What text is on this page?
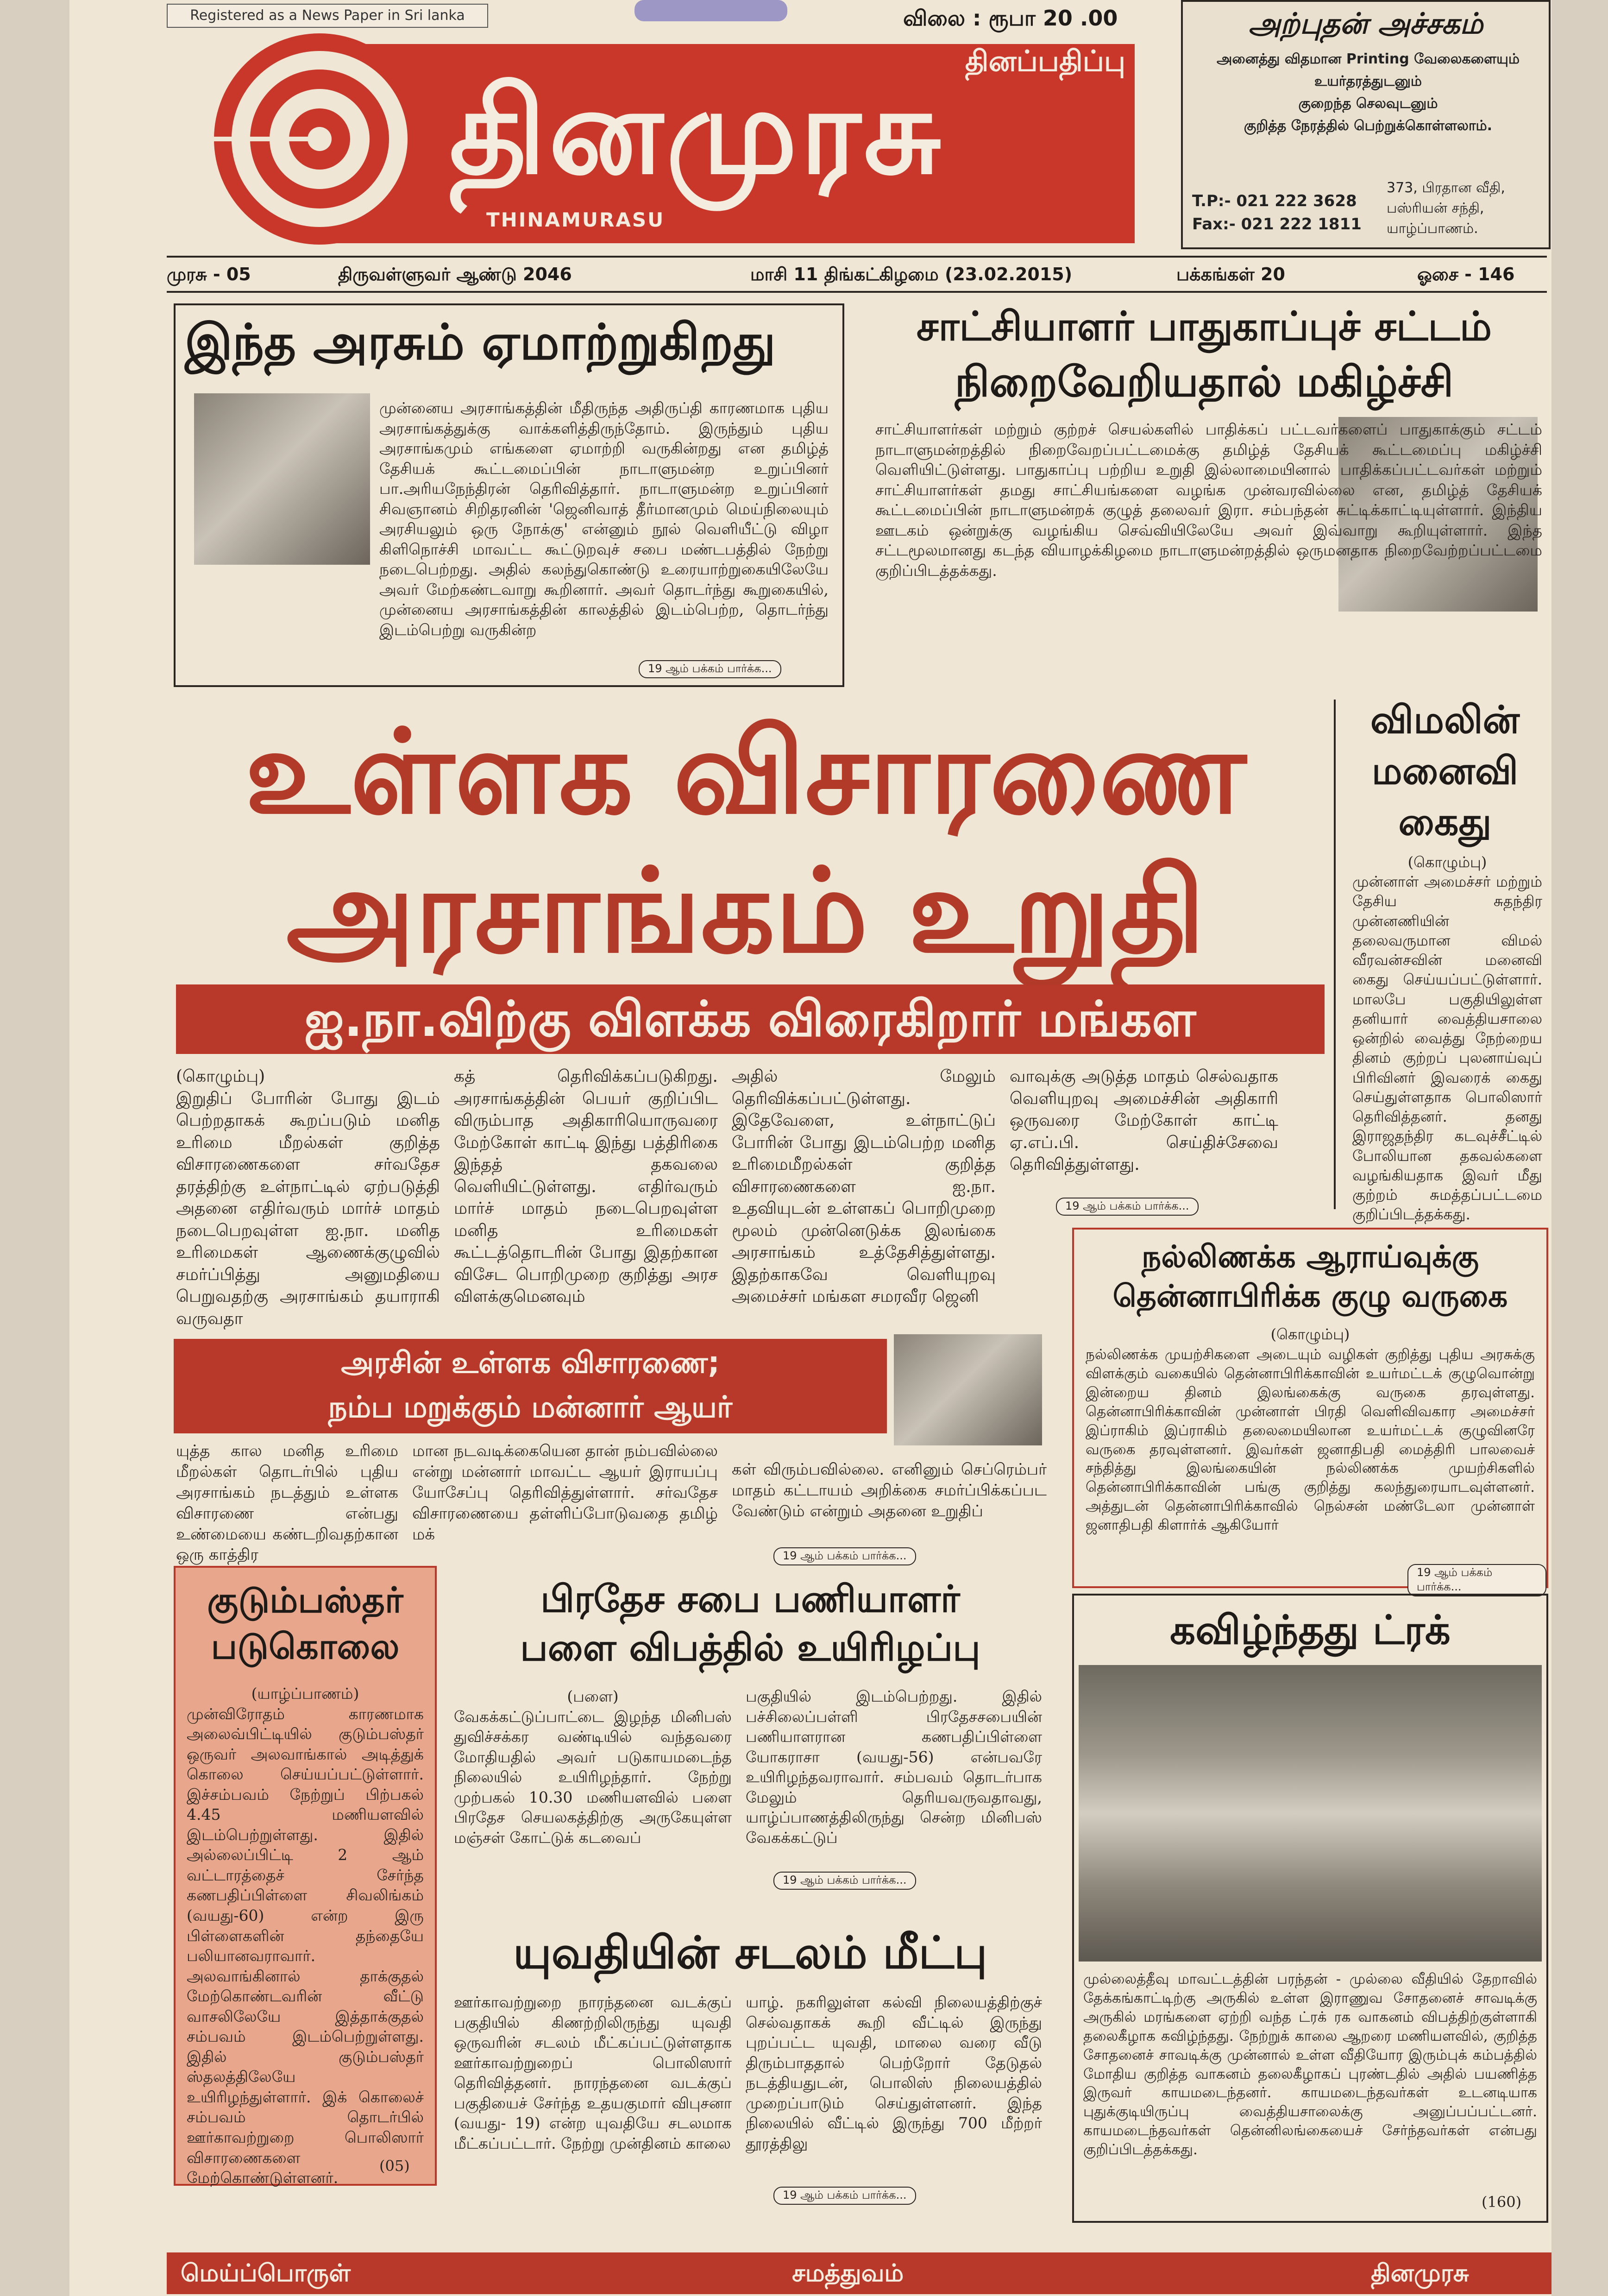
Registered as a News Paper in Sri lanka
தினப்பதிப்பு
தினமுரசு
THINAMURASU
விலை : ரூபா 20 .00	அற்புதன் அச்சகம்
அனைத்து விதமான Printing வேலைகளையும்
உயர்தரத்துடனும்
குறைந்த செலவுடனும்
குறித்த நேரத்தில் பெற்றுக்கொள்ளலாம்.
T.P:- 021 222 3628
Fax:- 021 222 1811
373, பிரதான வீதி,
பஸ்ரியன் சந்தி,
யாழ்ப்பாணம்.
முரசு - 05	திருவள்ளுவர் ஆண்டு 2046	மாசி 11 திங்கட்கிழமை (23.02.2015)	பக்கங்கள் 20	ஓசை - 146
இந்த அரசும் ஏமாற்றுகிறது
முன்னைய அரசாங்கத்தின் மீதிருந்த அதிருப்தி காரணமாக புதிய அரசாங்கத்துக்கு வாக்களித்திருந்தோம். இருந்தும் புதிய அரசாங்கமும் எங்களை ஏமாற்றி வருகின்றது என தமிழ்த் தேசியக் கூட்டமைப்பின் நாடாளுமன்ற உறுப்பினர் பா.அரியநேந்திரன் தெரிவித்தார். நாடாளுமன்ற உறுப்பினர் சிவஞானம் சிறிதரனின் 'ஜெனிவாத் தீர்மானமும் மெய்நிலையும் அரசியலும் ஒரு நோக்கு' என்னும் நூல் வெளியீட்டு விழா கிளிநொச்சி மாவட்ட கூட்டுறவுச் சபை மண்டபத்தில் நேற்று நடைபெற்றது. அதில் கலந்துகொண்டு உரையாற்றுகையிலேயே அவர் மேற்கண்டவாறு கூறினார். அவர் தொடர்ந்து கூறுகையில், முன்னைய அரசாங்கத்தின் காலத்தில் இடம்பெற்ற, தொடர்ந்து இடம்பெற்று வருகின்ற
19 ஆம் பக்கம் பார்க்க...
சாட்சியாளர் பாதுகாப்புச் சட்டம்
நிறைவேறியதால் மகிழ்ச்சி
சாட்சியாளர்கள் மற்றும் குற்றச் செயல்களில் பாதிக்கப் பட்டவர்களைப் பாதுகாக்கும் சட்டம் நாடாளுமன்றத்தில் நிறைவேறப்பட்டமைக்கு தமிழ்த் தேசியக் கூட்டமைப்பு மகிழ்ச்சி வெளியிட்டுள்ளது. பாதுகாப்பு பற்றிய உறுதி இல்லாமையினால் பாதிக்கப்பட்டவர்கள் மற்றும் சாட்சியாளர்கள் தமது சாட்சியங்களை வழங்க முன்வரவில்லை என, தமிழ்த் தேசியக் கூட்டமைப்பின் நாடாளுமன்றக் குழுத் தலைவர் இரா. சம்பந்தன் சுட்டிக்காட்டியுள்ளார். இந்திய ஊடகம் ஒன்றுக்கு வழங்கிய செவ்வியிலேயே அவர் இவ்வாறு கூறியுள்ளார். இந்த சட்டமூலமானது கடந்த வியாழக்கிழமை நாடாளுமன்றத்தில் ஒருமனதாக நிறைவேற்றப்பட்டமை குறிப்பிடத்தக்கது.
உள்ளக விசாரணை
அரசாங்கம் உறுதி
ஐ.நா.விற்கு விளக்க விரைகிறார் மங்கள
(கொழும்பு)
இறுதிப் போரின் போது இடம் பெற்றதாகக் கூறப்படும் மனித உரிமை மீறல்கள் குறித்த விசாரணைகளை சர்வதேச தரத்திற்கு உள்நாட்டில் ஏற்படுத்தி அதனை எதிர்வரும் மார்ச் மாதம் நடைபெறவுள்ள ஐ.நா. மனித உரிமைகள் ஆணைக்குழுவில் சமர்ப்பித்து அனுமதியை பெறுவதற்கு அரசாங்கம் தயாராகி வருவதா
கத் தெரிவிக்கப்படுகிறது. அரசாங்கத்தின் பெயர் குறிப்பிட விரும்பாத அதிகாரியொருவரை மேற்கோள் காட்டி இந்து பத்திரிகை இந்தத் தகவலை வெளியிட்டுள்ளது. எதிர்வரும் மார்ச் மாதம் நடைபெறவுள்ள மனித உரிமைகள் கூட்டத்தொடரின் போது இதற்கான விசேட பொறிமுறை குறித்து அரச விளக்குமெனவும்
அதில் மேலும் தெரிவிக்கப்பட்டுள்ளது. இதேவேளை, உள்நாட்டுப் போரின் போது இடம்பெற்ற மனித உரிமைமீறல்கள் குறித்த விசாரணைகளை ஐ.நா. உதவியுடன் உள்ளகப் பொறிமுறை மூலம் முன்னெடுக்க இலங்கை அரசாங்கம் உத்தேசித்துள்ளது. இதற்காகவே வெளியுறவு அமைச்சர் மங்கள சமரவீர ஜெனி
வாவுக்கு அடுத்த மாதம் செல்வதாக வெளியுறவு அமைச்சின் அதிகாரி ஒருவரை மேற்கோள் காட்டி ஏ.எப்.பி. செய்திச்சேவை தெரிவித்துள்ளது.
19 ஆம் பக்கம் பார்க்க...
விமலின்
மனைவி
கைது
(கொழும்பு)
முன்னாள் அமைச்சர் மற்றும் தேசிய சுதந்திர முன்னணியின் தலைவருமான விமல் வீரவன்சவின் மனைவி கைது செய்யப்பட்டுள்ளார். மாலபே பகுதியிலுள்ள தனியார் வைத்தியசாலை ஒன்றில் வைத்து நேற்றைய தினம் குற்றப் புலனாய்வுப் பிரிவினர் இவரைக் கைது செய்துள்ளதாக பொலிஸார் தெரிவித்தனர். தனது இராஜதந்திர கடவுச்சீட்டில் போலியான தகவல்களை வழங்கியதாக இவர் மீது குற்றம் சுமத்தப்பட்டமை குறிப்பிடத்தக்கது.
அரசின் உள்ளக விசாரணை;
நம்ப மறுக்கும் மன்னார் ஆயர்
யுத்த கால மனித உரிமை மீறல்கள் தொடர்பில் புதிய அரசாங்கம் நடத்தும் உள்ளக விசாரணை என்பது உண்மையை கண்டறிவதற்கான ஒரு காத்திர
மான நடவடிக்கையென தான் நம்பவில்லை என்று மன்னார் மாவட்ட ஆயர் இராயப்பு யோசேப்பு தெரிவித்துள்ளார். சர்வதேச விசாரணையை தள்ளிப்போடுவதை தமிழ் மக்
கள் விரும்பவில்லை. எனினும் செப்ரெம்பர் மாதம் கட்டாயம் அறிக்கை சமர்ப்பிக்கப்பட வேண்டும் என்றும் அதனை உறுதிப்
19 ஆம் பக்கம் பார்க்க...
நல்லிணக்க ஆராய்வுக்கு
தென்னாபிரிக்க குழு வருகை
(கொழும்பு)
நல்லிணக்க முயற்சிகளை அடையும் வழிகள் குறித்து புதிய அரசுக்கு விளக்கும் வகையில் தென்னாபிரிக்காவின் உயர்மட்டக் குழுவொன்று இன்றைய தினம் இலங்கைக்கு வருகை தரவுள்ளது. தென்னாபிரிக்காவின் முன்னாள் பிரதி வெளிவிவகார அமைச்சர் இப்ராகிம் இப்ராகிம் தலைமையிலான உயர்மட்டக் குழுவினரே வருகை தரவுள்ளனர். இவர்கள் ஜனாதிபதி மைத்திரி பாலவைச் சந்தித்து இலங்கையின் நல்லிணக்க முயற்சிகளில் தென்னாபிரிக்காவின் பங்கு குறித்து கலந்துரையாடவுள்ளனர். அத்துடன் தென்னாபிரிக்காவில் நெல்சன் மண்டேலா முன்னாள் ஜனாதிபதி கிளார்க் ஆகியோர்
19 ஆம் பக்கம் பார்க்க...
குடும்பஸ்தர்
படுகொலை
(யாழ்ப்பாணம்)
முன்விரோதம் காரணமாக அலைவ்பிட்டியில் குடும்பஸ்தர் ஒருவர் அலவாங்கால் அடித்துக் கொலை செய்யப்பட்டுள்ளார். இச்சம்பவம் நேற்றுப் பிற்பகல் 4.45 மணியளவில் இடம்பெற்றுள்ளது. இதில் அல்லைப்பிட்டி 2 ஆம் வட்டாரத்தைச் சேர்ந்த கணபதிப்பிள்ளை சிவலிங்கம் (வயது-60) என்ற இரு பிள்ளைகளின் தந்தையே பலியானவராவார். அலவாங்கினால் தாக்குதல் மேற்கொண்டவரின் வீட்டு வாசலிலேயே இத்தாக்குதல் சம்பவம் இடம்பெற்றுள்ளது. இதில் குடும்பஸ்தர் ஸ்தலத்திலேயே உயிரிழந்துள்ளார். இக் கொலைச் சம்பவம் தொடர்பில் ஊர்காவற்றுறை பொலிஸார் விசாரணைகளை மேற்கொண்டுள்ளனர்.
(05)
பிரதேச சபை பணியாளர்
பளை விபத்தில் உயிரிழப்பு
(பளை)
வேகக்கட்டுப்பாட்டை இழந்த மினிபஸ் துவிச்சக்கர வண்டியில் வந்தவரை மோதியதில் அவர் படுகாயமடைந்த நிலையில் உயிரிழந்தார். நேற்று முற்பகல் 10.30 மணியளவில் பளை பிரதேச செயலகத்திற்கு அருகேயுள்ள மஞ்சள் கோட்டுக் கடவைப்
பகுதியில் இடம்பெற்றது. இதில் பச்சிலைப்பள்ளி பிரதேசசபையின் பணியாளரான கணபதிப்பிள்ளை யோகராசா (வயது-56) என்பவரே உயிரிழந்தவராவார். சம்பவம் தொடர்பாக மேலும் தெரியவருவதாவது, யாழ்ப்பாணத்திலிருந்து சென்ற மினிபஸ் வேகக்கட்டுப்
19 ஆம் பக்கம் பார்க்க...
கவிழ்ந்தது ட்ரக்
முல்லைத்தீவு மாவட்டத்தின் பரந்தன் - முல்லை வீதியில் தேறாவில் தேக்கங்காட்டிற்கு அருகில் உள்ள இராணுவ சோதனைச் சாவடிக்கு அருகில் மரங்களை ஏற்றி வந்த ட்ரக் ரக வாகனம் விபத்திற்குள்ளாகி தலைகீழாக கவிழ்ந்தது. நேற்றுக் காலை ஆறரை மணியளவில், குறித்த சோதனைச் சாவடிக்கு முன்னால் உள்ள வீதியோர இரும்புக் கம்பத்தில் மோதிய குறித்த வாகனம் தலைகீழாகப் புரண்டதில் அதில் பயணித்த இருவர் காயமடைந்தனர். காயமடைந்தவர்கள் உடனடியாக புதுக்குடியிருப்பு வைத்தியசாலைக்கு அனுப்பப்பட்டனர். காயமடைந்தவர்கள் தென்னிலங்கையைச் சேர்ந்தவர்கள் என்பது குறிப்பிடத்தக்கது.
(160)
யுவதியின் சடலம் மீட்பு
ஊர்காவற்றுறை நாரந்தனை வடக்குப் பகுதியில் கிணற்றிலிருந்து யுவதி ஒருவரின் சடலம் மீட்கப்பட்டுள்ளதாக ஊர்காவற்றுறைப் பொலிஸார் தெரிவித்தனர். நாரந்தனை வடக்குப் பகுதியைச் சேர்ந்த உதயகுமார் விபுசனா (வயது- 19) என்ற யுவதியே சடலமாக மீட்கப்பட்டார். நேற்று முன்தினம் காலை
யாழ். நகரிலுள்ள கல்வி நிலையத்திற்குச் செல்வதாகக் கூறி வீட்டில் இருந்து புறப்பட்ட யுவதி, மாலை வரை வீடு திரும்பாததால் பெற்றோர் தேடுதல் நடத்தியதுடன், பொலிஸ் நிலையத்தில் முறைப்பாடும் செய்துள்ளனர். இந்த நிலையில் வீட்டில் இருந்து 700 மீற்றர் தூரத்திலு
19 ஆம் பக்கம் பார்க்க...
மெய்ப்பொருள்	சமத்துவம்	தினமுரசு
